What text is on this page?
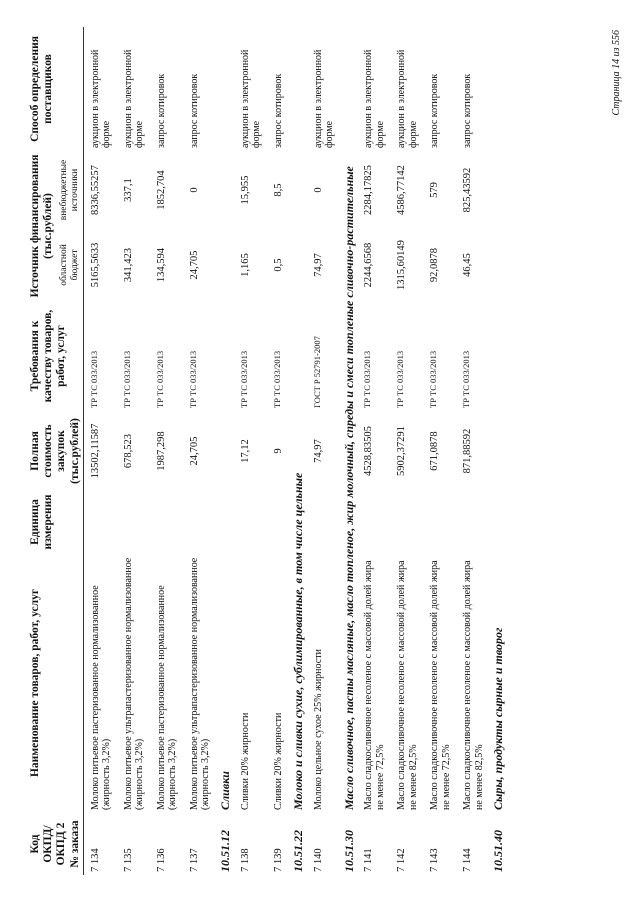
Код ОКПД/ ОКПД 2 № заказа	Наименование товаров, работ, услуг	Единица измерения	Полная стоимость закупок (тыс.рублей)	Требования к качеству товаров, работ, услуг	Источник финансирования (тыс.рублей)		Способ определения поставщиков
					областной бюджет	внебюджетные источники	
7 134	Молоко питьевое пастеризованное нормализованное (жирность 3,2%)		13502,11587	ТР ТС 033/2013	5165,5633	8336,55257	аукцион в электронной форме
7 135	Молоко питьевое ультрапастеризованное нормализованное (жирность 3,2%)		678,523	ТР ТС 033/2013	341,423	337,1	аукцион в электронной форме
7 136	Молоко питьевое пастеризованное нормализованное (жирность 3,2%)		1987,298	ТР ТС 033/2013	134,594	1852,704	запрос котировок
7 137	Молоко питьевое ультрапастеризованное нормализованное (жирность 3,2%)		24,705	ТР ТС 033/2013	24,705	0	запрос котировок
10.51.12	Сливки						
7 138	Сливки 20% жирности		17,12	ТР ТС 033/2013	1,165	15,955	аукцион в электронной форме
7 139	Сливки 20% жирности		9	ТР ТС 033/2013	0,5	8,5	запрос котировок
10.51.22	Молоко и сливки сухие, сублимированные, в том числе цельные						
7 140	Молоко цельное сухое 25% жирности		74,97	ГОСТ Р 52791-2007	74,97	0	аукцион в электронной форме
10.51.30	Масло сливочное, пасты масляные, масло топленое, жир молочный, спреды и смеси топленые сливочно-растительные						
7 141	Масло сладкосливочное несоленое с массовой долей жира не менее 72,5%		4528,83505	ТР ТС 033/2013	2244,6568	2284,17825	аукцион в электронной форме
7 142	Масло сладкосливочное несоленое с массовой долей жира не менее 82,5%		5902,37291	ТР ТС 033/2013	1315,60149	4586,77142	аукцион в электронной форме
7 143	Масло сладкосливочное несоленое с массовой долей жира не менее 72,5%		671,0878	ТР ТС 033/2013	92,0878	579	запрос котировок
7 144	Масло сладкосливочное несоленое с массовой долей жира не менее 82,5%		871,88592	ТР ТС 033/2013	46,45	825,43592	запрос котировок
10.51.40	Сыры, продукты сырные и творог						
Страница 14 из 556
